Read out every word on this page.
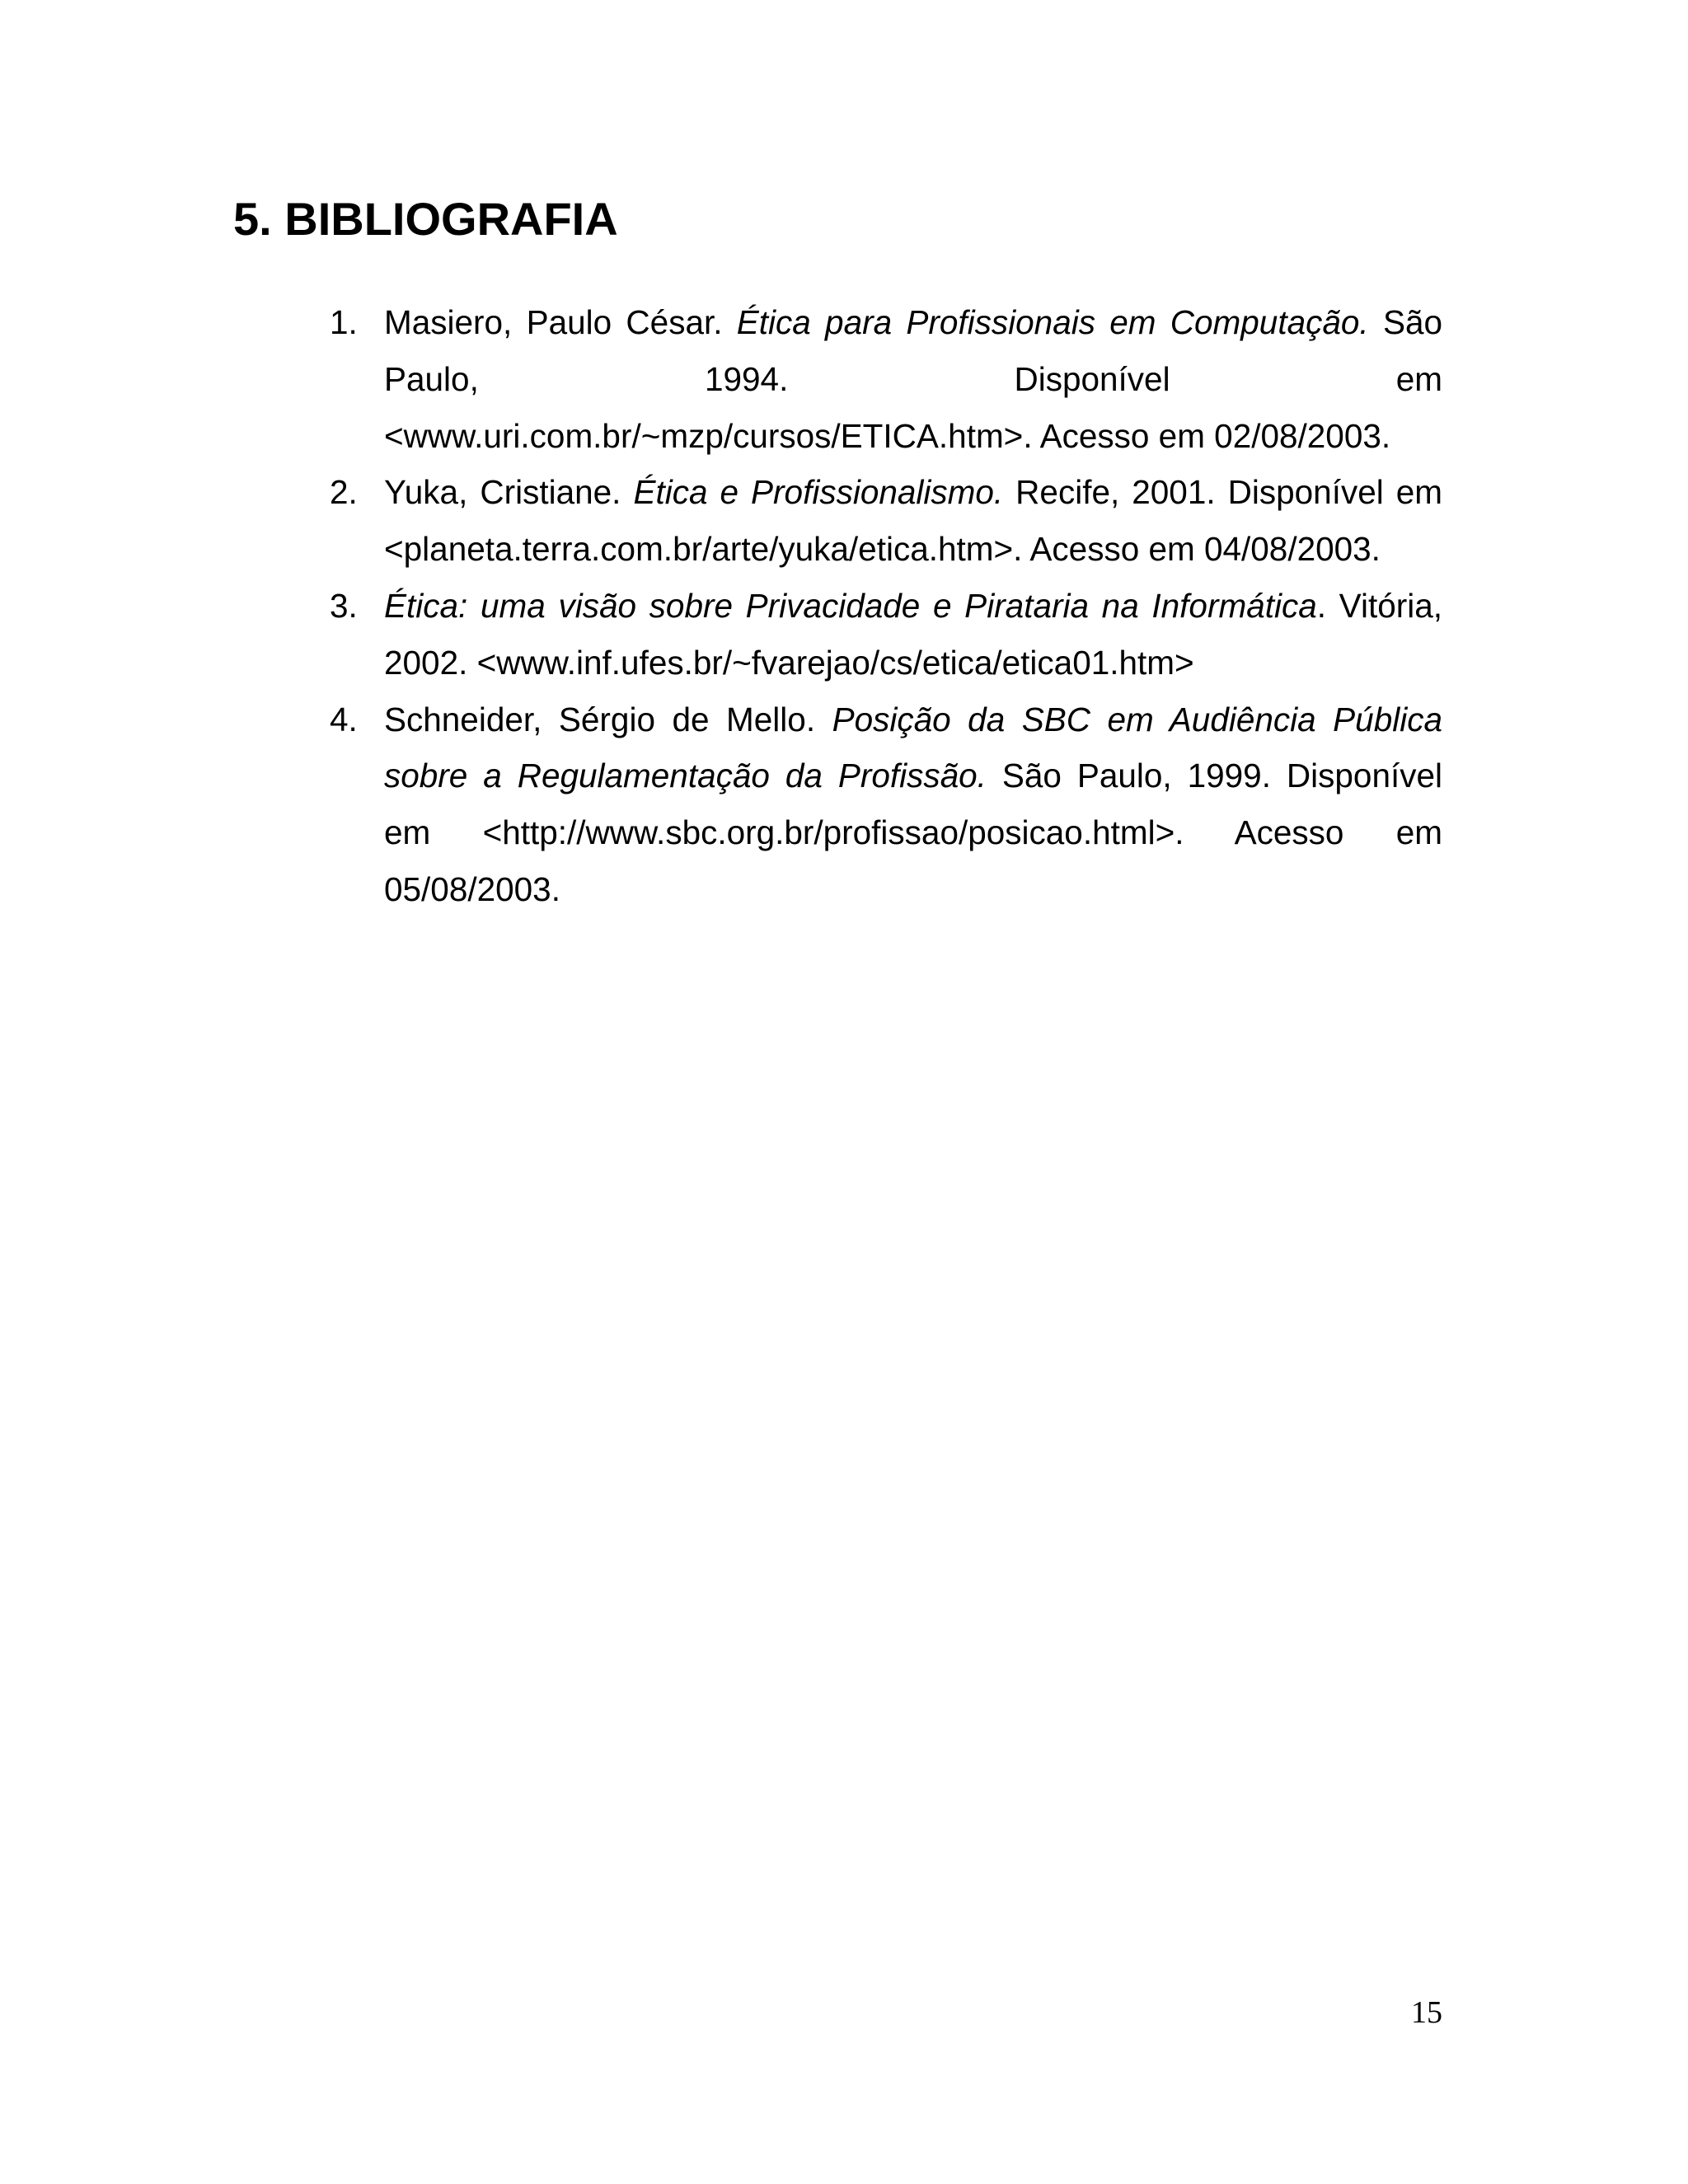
5. BIBLIOGRAFIA
1. Masiero, Paulo César. Ética para Profissionais em Computação. São Paulo, 1994. Disponível em <www.uri.com.br/~mzp/cursos/ETICA.htm>. Acesso em 02/08/2003.
2. Yuka, Cristiane. Ética e Profissionalismo. Recife, 2001. Disponível em <planeta.terra.com.br/arte/yuka/etica.htm>. Acesso em 04/08/2003.
3. Ética: uma visão sobre Privacidade e Pirataria na Informática. Vitória, 2002. <www.inf.ufes.br/~fvarejao/cs/etica/etica01.htm>
4. Schneider, Sérgio de Mello. Posição da SBC em Audiência Pública sobre a Regulamentação da Profissão. São Paulo, 1999. Disponível em <http://www.sbc.org.br/profissao/posicao.html>. Acesso em 05/08/2003.
15
